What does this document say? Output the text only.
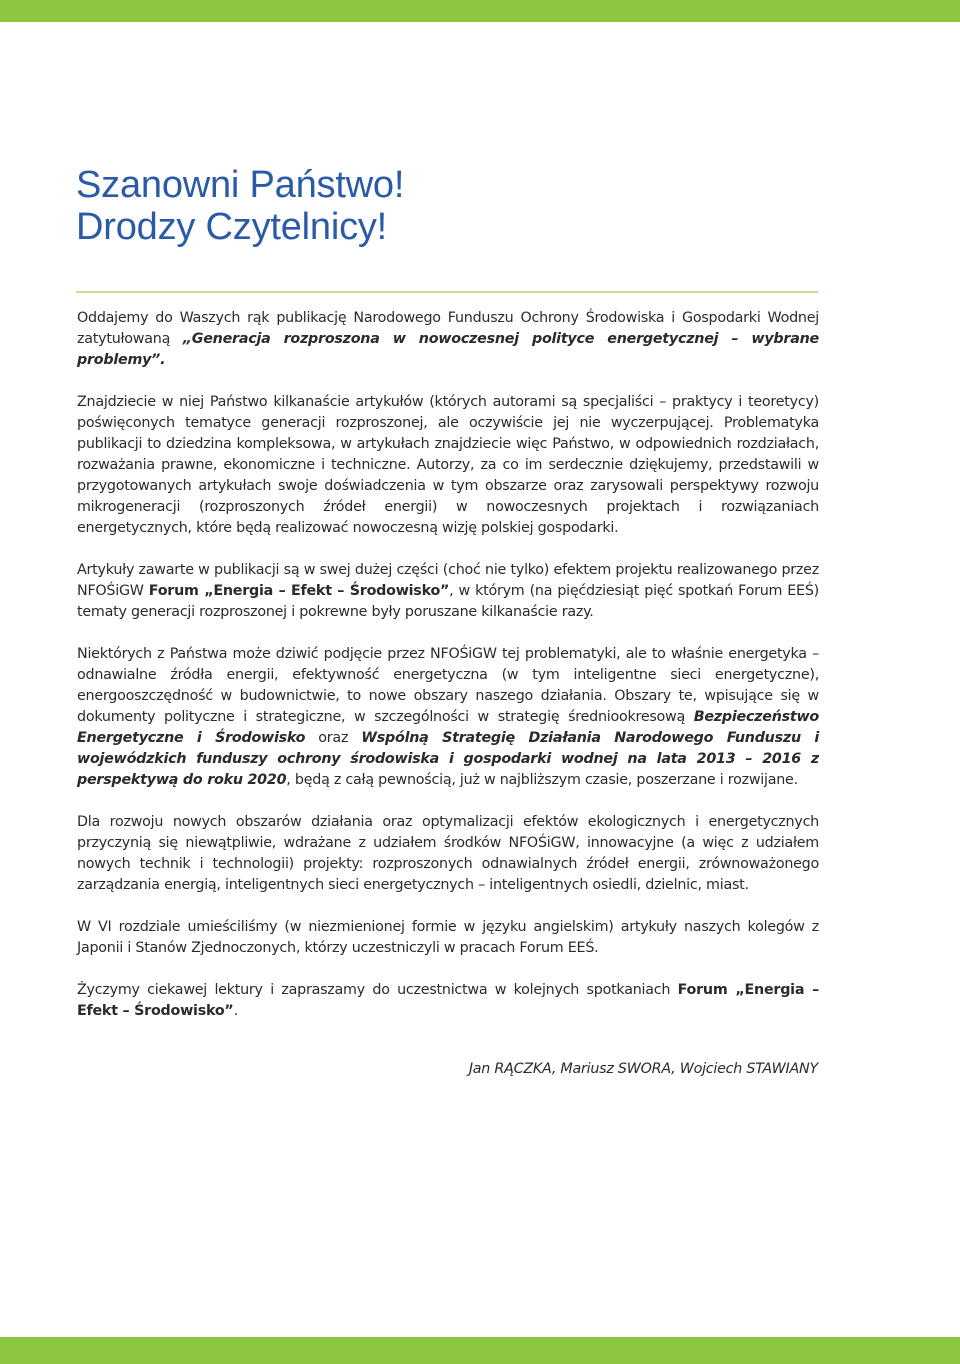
Szanowni Państwo!
Drodzy Czytelnicy!

Oddajemy do Waszych rąk publikację Narodowego Funduszu Ochrony Środowiska i Gospodarki Wodnej zatytułowaną „Generacja rozproszona w nowoczesnej polityce energetycznej – wybrane problemy”.

Znajdziecie w niej Państwo kilkanaście artykułów (których autorami są specjaliści – praktycy i teoretycy) poświęconych tematyce generacji rozproszonej, ale oczywiście jej nie wyczerpującej. Problematyka publikacji to dziedzina kompleksowa, w artykułach znajdziecie więc Państwo, w odpowiednich rozdziałach, rozważania prawne, ekonomiczne i techniczne. Autorzy, za co im serdecznie dziękujemy, przedstawili w przygotowanych artykułach swoje doświadczenia w tym obszarze oraz zarysowali perspektywy rozwoju mikrogeneracji (rozproszonych źródeł energii) w nowoczesnych projektach i rozwiązaniach energetycznych, które będą realizować nowoczesną wizję polskiej gospodarki.

Artykuły zawarte w publikacji są w swej dużej części (choć nie tylko) efektem projektu realizowanego przez NFOŚiGW Forum „Energia – Efekt – Środowisko”, w którym (na pięćdziesiąt pięć spotkań Forum EEŚ) tematy generacji rozproszonej i pokrewne były poruszane kilkanaście razy.

Niektórych z Państwa może dziwić podjęcie przez NFOŚiGW tej problematyki, ale to właśnie energetyka – odnawialne źródła energii, efektywność energetyczna (w tym inteligentne sieci energetyczne), energooszczędność w budownictwie, to nowe obszary naszego działania. Obszary te, wpisujące się w dokumenty polityczne i strategiczne, w szczególności w strategię średniookresową Bezpieczeństwo Energetyczne i Środowisko oraz Wspólną Strategię Działania Narodowego Funduszu i wojewódzkich funduszy ochrony środowiska i gospodarki wodnej na lata 2013 – 2016 z perspektywą do roku 2020, będą z całą pewnością, już w najbliższym czasie, poszerzane i rozwijane.

Dla rozwoju nowych obszarów działania oraz optymalizacji efektów ekologicznych i energetycznych przyczynią się niewątpliwie, wdrażane z udziałem środków NFOŚiGW, innowacyjne (a więc z udziałem nowych technik i technologii) projekty: rozproszonych odnawialnych źródeł energii, zrównoważonego zarządzania energią, inteligentnych sieci energetycznych – inteligentnych osiedli, dzielnic, miast.

W VI rozdziale umieściliśmy (w niezmienionej formie w języku angielskim) artykuły naszych kolegów z Japonii i Stanów Zjednoczonych, którzy uczestniczyli w pracach Forum EEŚ.

Życzymy ciekawej lektury i zapraszamy do uczestnictwa w kolejnych spotkaniach Forum „Energia – Efekt – Środowisko”.

Jan RĄCZKA, Mariusz SWORA, Wojciech STAWIANY
